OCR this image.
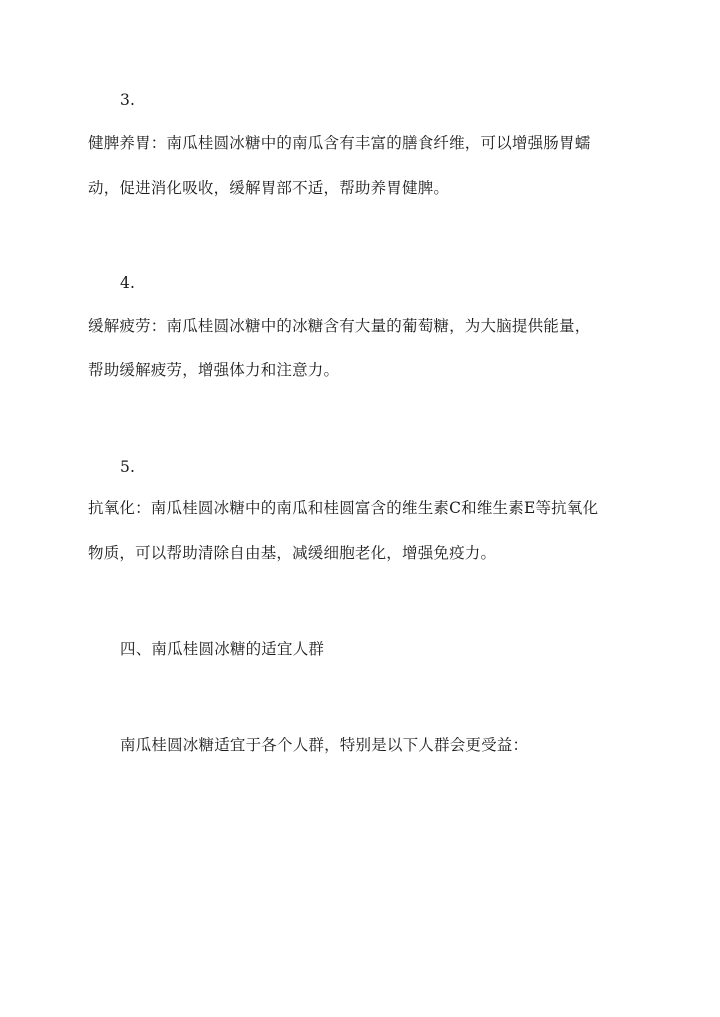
3.
健脾养胃：南瓜桂圆冰糖中的南瓜含有丰富的膳食纤维，可以增强肠胃蠕
动，促进消化吸收，缓解胃部不适，帮助养胃健脾。
4.
缓解疲劳：南瓜桂圆冰糖中的冰糖含有大量的葡萄糖，为大脑提供能量，
帮助缓解疲劳，增强体力和注意力。
5.
抗氧化：南瓜桂圆冰糖中的南瓜和桂圆富含的维生素C和维生素E等抗氧化
物质，可以帮助清除自由基，减缓细胞老化，增强免疫力。
四、南瓜桂圆冰糖的适宜人群
南瓜桂圆冰糖适宜于各个人群，特别是以下人群会更受益：
